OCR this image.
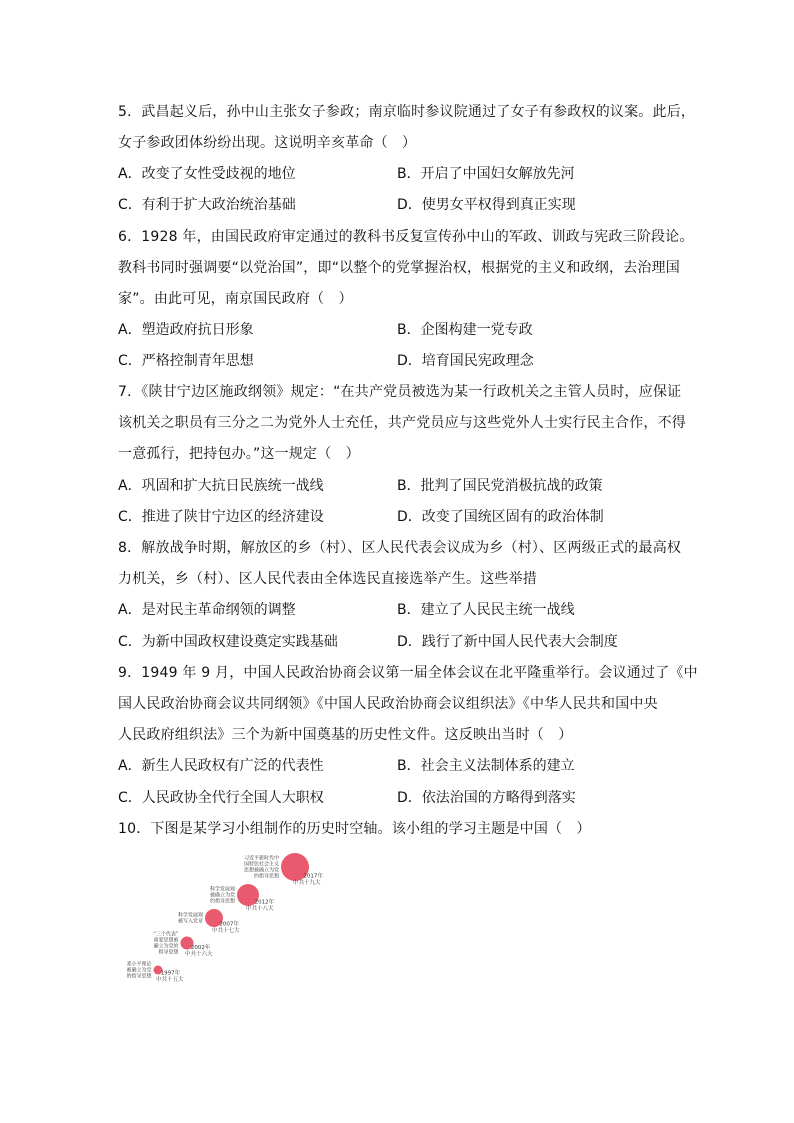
5．武昌起义后，孙中山主张女子参政；南京临时参议院通过了女子有参政权的议案。此后，
女子参政团体纷纷出现。这说明辛亥革命（　）
A．改变了女性受歧视的地位	B．开启了中国妇女解放先河
C．有利于扩大政治统治基础	D．使男女平权得到真正实现
6．1928 年，由国民政府审定通过的教科书反复宣传孙中山的军政、训政与宪政三阶段论。
教科书同时强调要“以党治国”，即“以整个的党掌握治权，根据党的主义和政纲，去治理国
家”。由此可见，南京国民政府（　）
A．塑造政府抗日形象	B．企图构建一党专政
C．严格控制青年思想	D．培育国民宪政理念
7．《陕甘宁边区施政纲领》规定：“在共产党员被选为某一行政机关之主管人员时，应保证
该机关之职员有三分之二为党外人士充任，共产党员应与这些党外人士实行民主合作，不得
一意孤行，把持包办。”这一规定（　）
A．巩固和扩大抗日民族统一战线	B．批判了国民党消极抗战的政策
C．推进了陕甘宁边区的经济建设	D．改变了国统区固有的政治体制
8．解放战争时期，解放区的乡（村）、区人民代表会议成为乡（村）、区两级正式的最高权
力机关，乡（村）、区人民代表由全体选民直接选举产生。这些举措
A．是对民主革命纲领的调整	B．建立了人民民主统一战线
C．为新中国政权建设奠定实践基础	D．践行了新中国人民代表大会制度
9．1949 年 9 月，中国人民政治协商会议第一届全体会议在北平隆重举行。会议通过了《中
国人民政治协商会议共同纲领》《中国人民政治协商会议组织法》《中华人民共和国中央
人民政府组织法》三个为新中国奠基的历史性文件。这反映出当时（　）
A．新生人民政权有广泛的代表性	B．社会主义法制体系的建立
C．人民政协全代行全国人大职权	D．依法治国的方略得到落实
10．下图是某学习小组制作的历史时空轴。该小组的学习主题是中国（　）
邓小平理论
被确立为党
的指导思想 1997年
中共十五大
“三个代表”
重要思想被
确立为党的
指导思想
2002年
中共十六大
科学发展观
被写入党章	2007年
中共十七大
科学发展观
被确立为党
的指导思想	2012年
中共十八大
习近平新时代中
国特色社会主义
思想被确立为党
的指导思想	2017年
中共十九大
